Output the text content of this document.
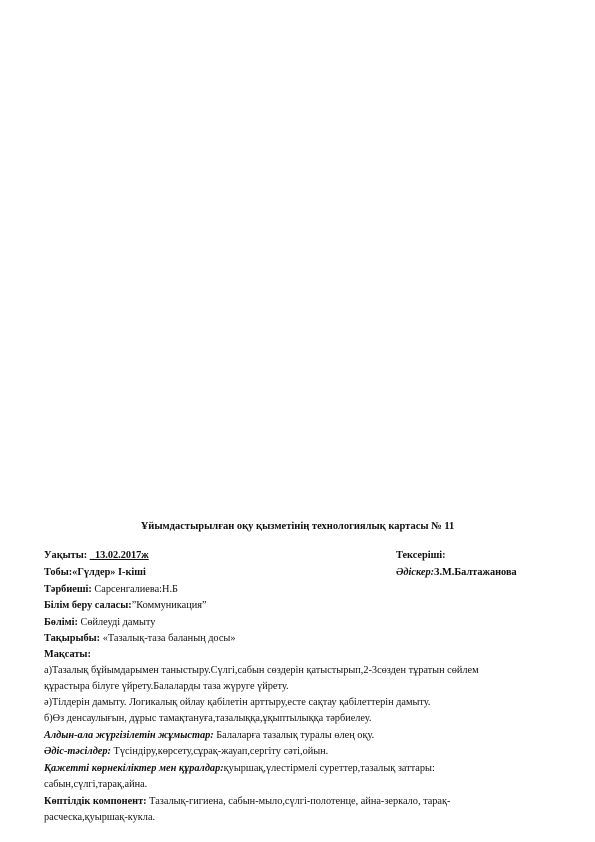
Ұйымдастырылған оқу қызметінің технологиялық картасы № 11
Уақыты: _13.02.2017ж	Тексеріші:
Тобы:«Гүлдер» I-кіші	Әдіскер:З.М.Балтажанова
Тәрбиеші: Сарсенгалиева:Н.Б
Білім беру саласы:”Коммуникация”
Бөлімі: Сөйлеуді дамыту
Тақырыбы: «Тазалық-таза баланың досы»
Мақсаты:
а)Тазалық бұйымдарымен таныстыру.Сүлгі,сабын сөздерін қатыстырып,2-3сөзден тұратын сөйлем
құрастыра білуге үйрету.Балаларды таза жүруге үйрету.
ә)Тілдерін дамыту. Логикалық ойлау қабілетін арттыру,есте сақтау қабілеттерін дамыту.
б)Өз денсаулығын, дұрыс тамақтануға,тазалыққа,ұқыптылыққа тәрбиелеу.
Алдын-ала жүргізілетін жұмыстар: Балаларға тазалық туралы өлең оқу.
Әдіс-тәсілдер: Түсіндіру,көрсету,сұрақ-жауап,сергіту сәті,ойын.
Қажетті көрнекіліктер мен құралдар:қуыршақ,үлестірмелі суреттер,тазалық заттары:
сабын,сүлгі,тарақ,айна.
Көптілдік компонент: Тазалық-гигиена, сабын-мыло,сүлгі-полотенце, айна-зеркало, тарақ-
расческа,қуыршақ-кукла.
